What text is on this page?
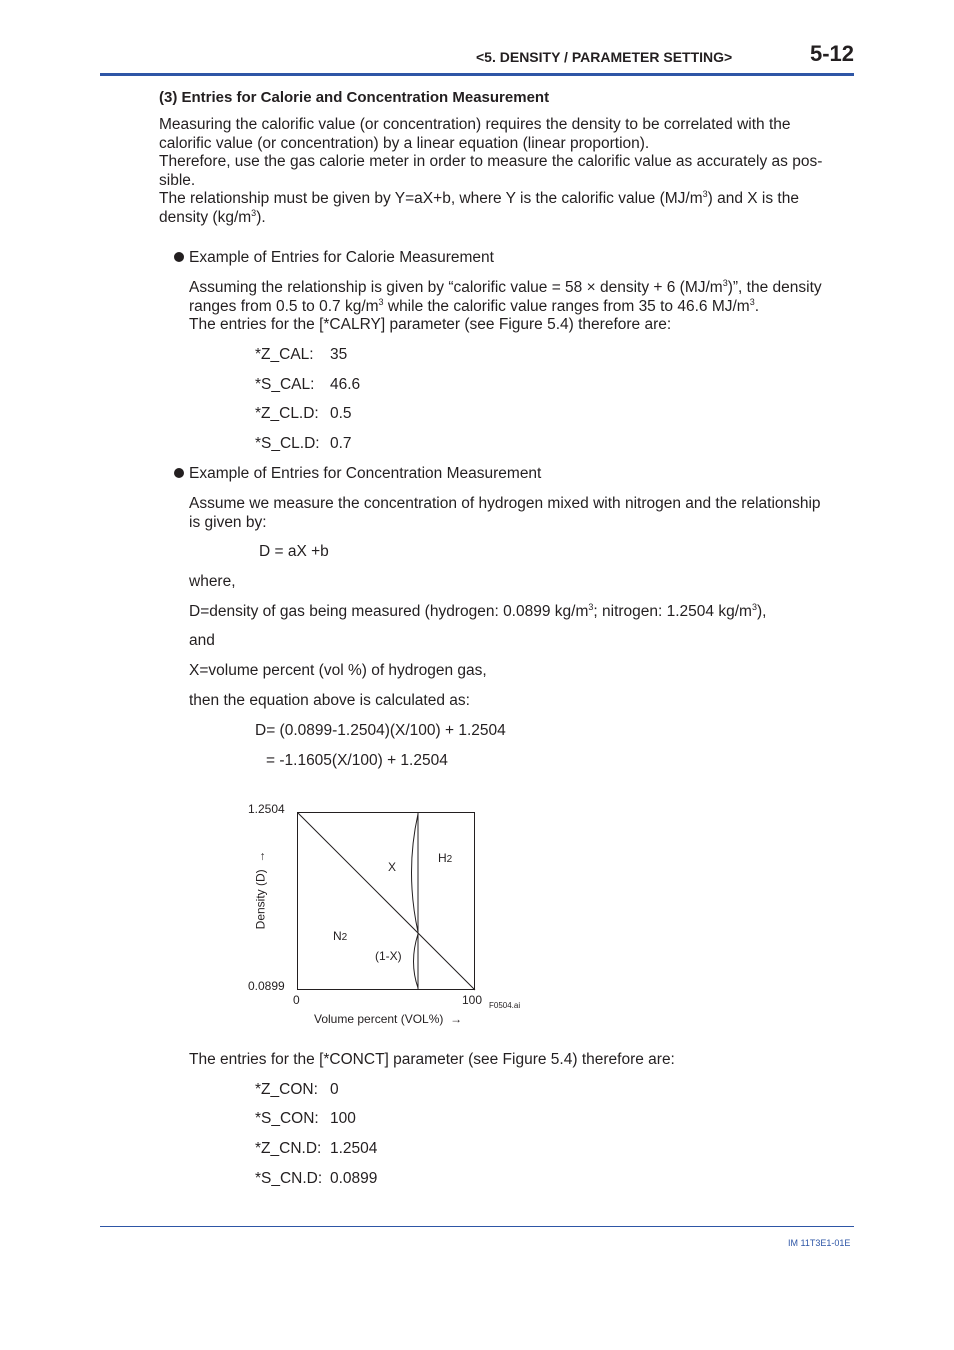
<5. DENSITY / PARAMETER SETTING>	5-12
(3) Entries for Calorie and Concentration Measurement
Measuring the calorific value (or concentration) requires the density to be correlated with the
calorific value (or concentration) by a linear equation (linear proportion).
Therefore, use the gas calorie meter in order to measure the calorific value as accurately as pos-
sible.
The relationship must be given by Y=aX+b, where Y is the calorific value $(MJ/m^3)$ and X is the
density $(kg/m^3)$.
Example of Entries for Calorie Measurement
Assuming the relationship is given by “calorific value = 58 × density + 6 $(MJ/m^3)$”, the density
ranges from 0.5 to 0.7 $kg/m^3$ while the calorific value ranges from 35 to 46.6 $MJ/m^3$.
The entries for the [*CALRY] parameter (see Figure 5.4) therefore are:
*Z_CAL: 35
*S_CAL: 46.6
*Z_CL.D: 0.5
*S_CL.D: 0.7
Example of Entries for Concentration Measurement
Assume we measure the concentration of hydrogen mixed with nitrogen and the relationship
is given by:
D = aX +b
where,
D=density of gas being measured (hydrogen: 0.0899 $kg/m^3$; nitrogen: 1.2504 $kg/m^3$),
and
X=volume percent (vol %) of hydrogen gas,
then the equation above is calculated as:
D= (0.0899-1.2504)(X/100) + 1.2504
= -1.1605(X/100) + 1.2504
1.2504
0.0899
0	100 F0504.ai
Volume percent (VOL%) →
Density (D)  →
X
H2
N2
(1-X)
The entries for the [*CONCT] parameter (see Figure 5.4) therefore are:
*Z_CON: 0
*S_CON: 100
*Z_CN.D: 1.2504
*S_CN.D: 0.0899
IM 11T3E1-01E
